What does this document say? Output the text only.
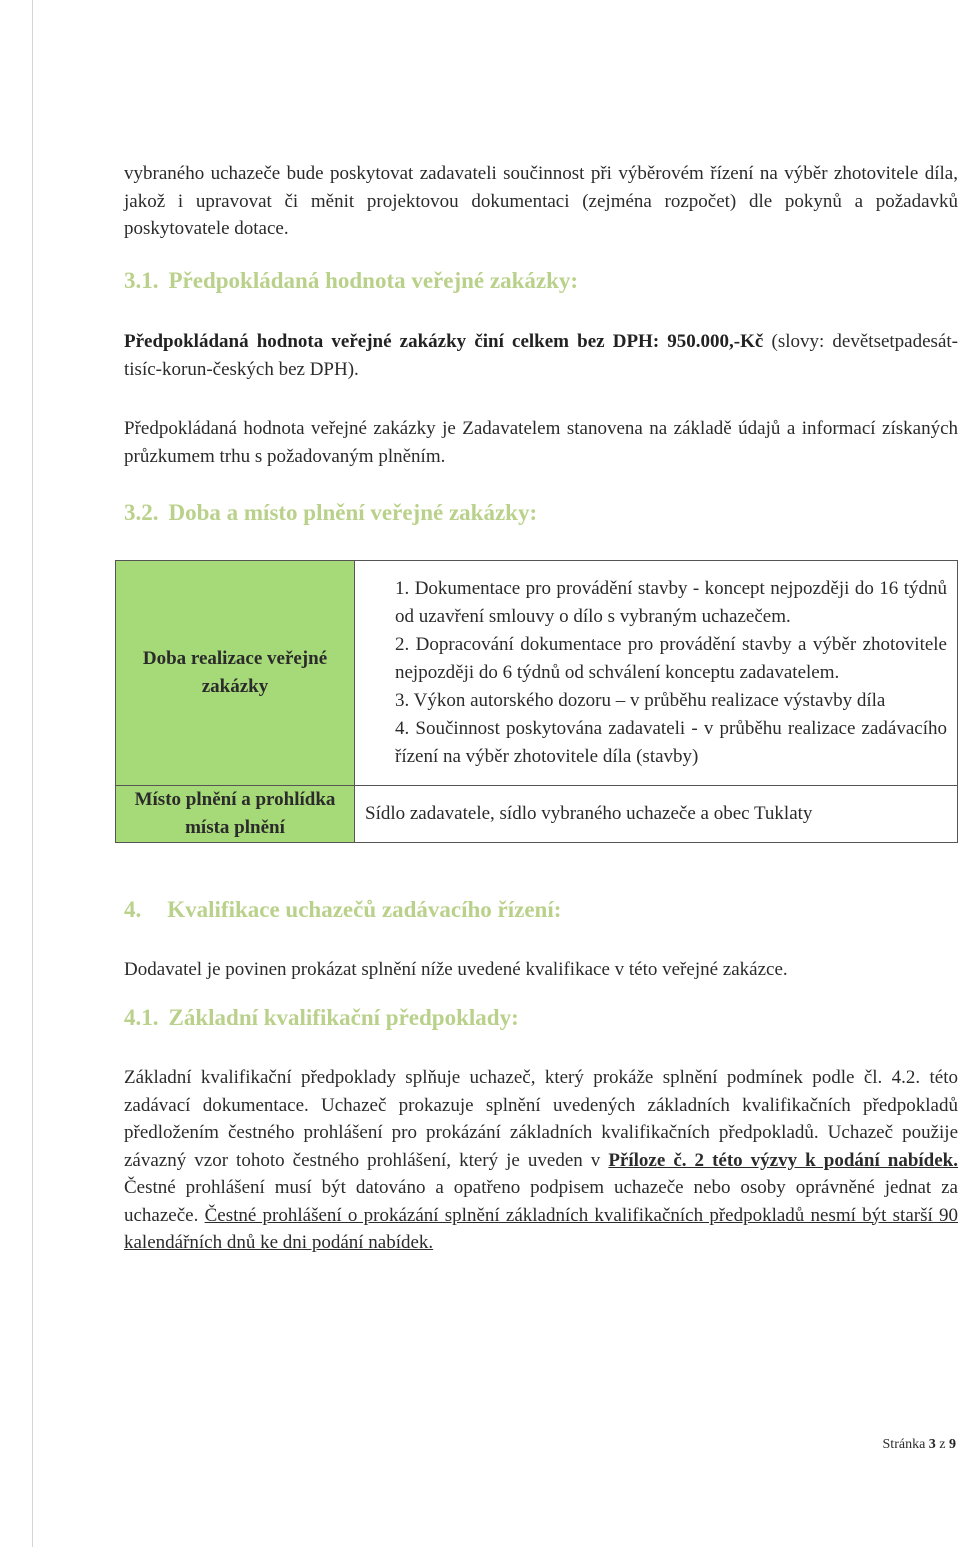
vybraného uchazeče bude poskytovat zadavateli součinnost při výběrovém řízení na výběr zhotovitele díla, jakož i upravovat či měnit projektovou dokumentaci (zejména rozpočet) dle pokynů a požadavků poskytovatele dotace.

3.1. Předpokládaná hodnota veřejné zakázky:

Předpokládaná hodnota veřejné zakázky činí celkem bez DPH: 950.000,-Kč (slovy: devětsetpadesát-tisíc-korun-českých bez DPH).

Předpokládaná hodnota veřejné zakázky je Zadavatelem stanovena na základě údajů a informací získaných průzkumem trhu s požadovaným plněním.

3.2. Doba a místo plnění veřejné zakázky:
Doba realizace veřejné zakázky	1. Dokumentace pro provádění stavby - koncept nejpozději do 16 týdnů od uzavření smlouvy o dílo s vybraným uchazečem.
2. Dopracování dokumentace pro provádění stavby a výběr zhotovitele nejpozději do 6 týdnů od schválení konceptu zadavatelem.
3. Výkon autorského dozoru – v průběhu realizace výstavby díla
4. Součinnost poskytována zadavateli - v průběhu realizace zadávacího řízení na výběr zhotovitele díla (stavby)

Místo plnění a prohlídka místa plnění	Sídlo zadavatele, sídlo vybraného uchazeče a obec Tuklaty
4. Kvalifikace uchazečů zadávacího řízení:

Dodavatel je povinen prokázat splnění níže uvedené kvalifikace v této veřejné zakázce.

4.1. Základní kvalifikační předpoklady:

Základní kvalifikační předpoklady splňuje uchazeč, který prokáže splnění podmínek podle čl. 4.2. této zadávací dokumentace. Uchazeč prokazuje splnění uvedených základních kvalifikačních předpokladů předložením čestného prohlášení pro prokázání základních kvalifikačních předpokladů. Uchazeč použije závazný vzor tohoto čestného prohlášení, který je uveden v Příloze č. 2 této výzvy k podání nabídek. Čestné prohlášení musí být datováno a opatřeno podpisem uchazeče nebo osoby oprávněné jednat za uchazeče. Čestné prohlášení o prokázání splnění základních kvalifikačních předpokladů nesmí být starší 90 kalendářních dnů ke dni podání nabídek.

Stránka 3 z 9
